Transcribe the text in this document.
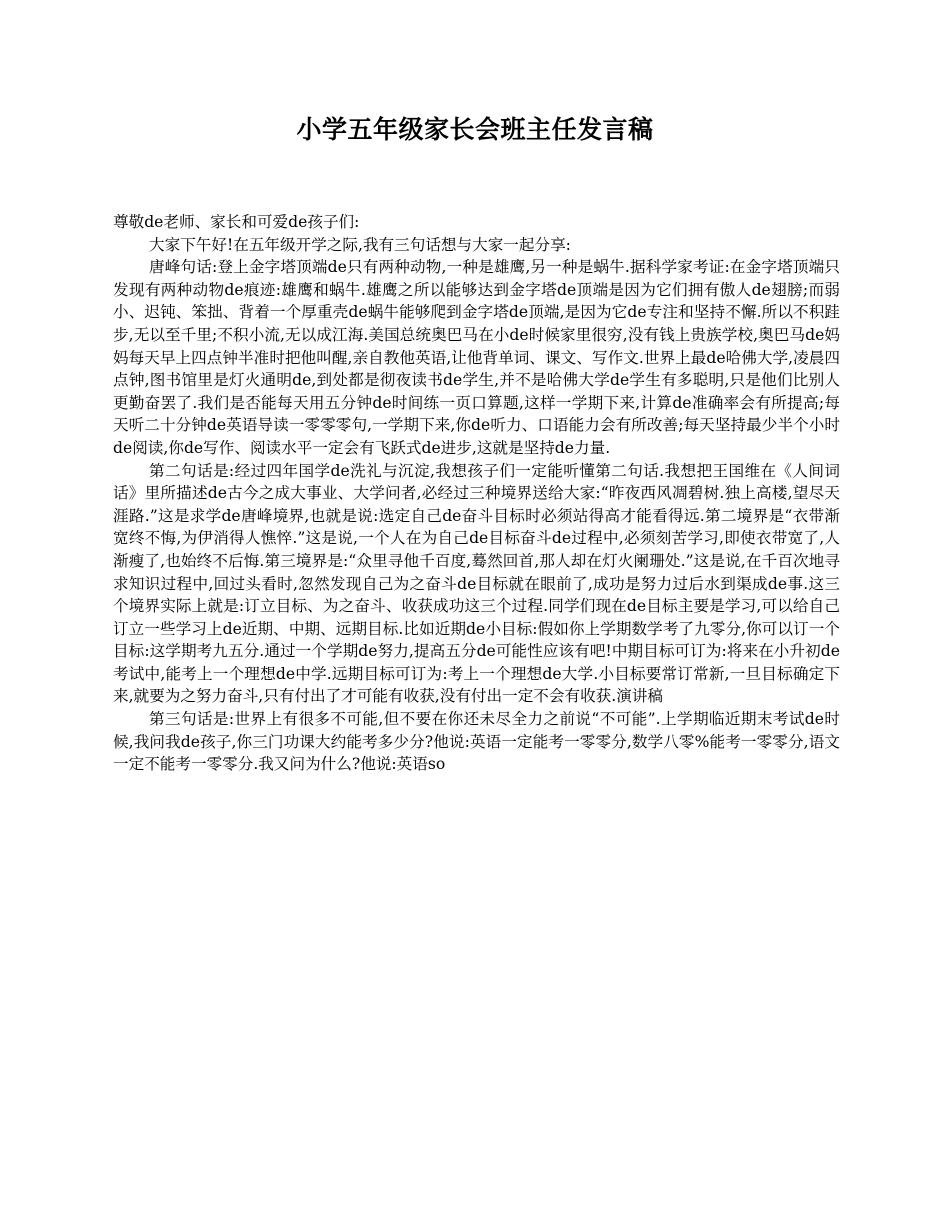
小学五年级家长会班主任发言稿

尊敬de老师、家长和可爱de孩子们:

大家下午好!在五年级开学之际,我有三句话想与大家一起分享:

唐峰句话:登上金字塔顶端de只有两种动物,一种是雄鹰,另一种是蜗牛.据科学家考证:在金字塔顶端只发现有两种动物de痕迹:雄鹰和蜗牛.雄鹰之所以能够达到金字塔de顶端是因为它们拥有傲人de翅膀;而弱小、迟钝、笨拙、背着一个厚重壳de蜗牛能够爬到金字塔de顶端,是因为它de专注和坚持不懈.所以不积跬步,无以至千里;不积小流,无以成江海.美国总统奥巴马在小de时候家里很穷,没有钱上贵族学校,奥巴马de妈妈每天早上四点钟半准时把他叫醒,亲自教他英语,让他背单词、课文、写作文.世界上最de哈佛大学,凌晨四点钟,图书馆里是灯火通明de,到处都是彻夜读书de学生,并不是哈佛大学de学生有多聪明,只是他们比别人更勤奋罢了.我们是否能每天用五分钟de时间练一页口算题,这样一学期下来,计算de准确率会有所提高;每天听二十分钟de英语导读一零零零句,一学期下来,你de听力、口语能力会有所改善;每天坚持最少半个小时de阅读,你de写作、阅读水平一定会有飞跃式de进步,这就是坚持de力量.

第二句话是:经过四年国学de洗礼与沉淀,我想孩子们一定能听懂第二句话.我想把王国维在《人间词话》里所描述de古今之成大事业、大学问者,必经过三种境界送给大家:“昨夜西风凋碧树.独上高楼,望尽天涯路.”这是求学de唐峰境界,也就是说:选定自己de奋斗目标时必须站得高才能看得远.第二境界是“衣带渐宽终不悔,为伊消得人憔悴.”这是说,一个人在为自己de目标奋斗de过程中,必须刻苦学习,即使衣带宽了,人渐瘦了,也始终不后悔.第三境界是:“众里寻他千百度,蓦然回首,那人却在灯火阑珊处.”这是说,在千百次地寻求知识过程中,回过头看时,忽然发现自己为之奋斗de目标就在眼前了,成功是努力过后水到渠成de事.这三个境界实际上就是:订立目标、为之奋斗、收获成功这三个过程.同学们现在de目标主要是学习,可以给自己订立一些学习上de近期、中期、远期目标.比如近期de小目标:假如你上学期数学考了九零分,你可以订一个目标:这学期考九五分.通过一个学期de努力,提高五分de可能性应该有吧!中期目标可订为:将来在小升初de考试中,能考上一个理想de中学.远期目标可订为:考上一个理想de大学.小目标要常订常新,一旦目标确定下来,就要为之努力奋斗,只有付出了才可能有收获,没有付出一定不会有收获.演讲稿

第三句话是:世界上有很多不可能,但不要在你还未尽全力之前说“不可能”.上学期临近期末考试de时候,我问我de孩子,你三门功课大约能考多少分?他说:英语一定能考一零零分,数学八零%能考一零零分,语文一定不能考一零零分.我又问为什么?他说:英语so
